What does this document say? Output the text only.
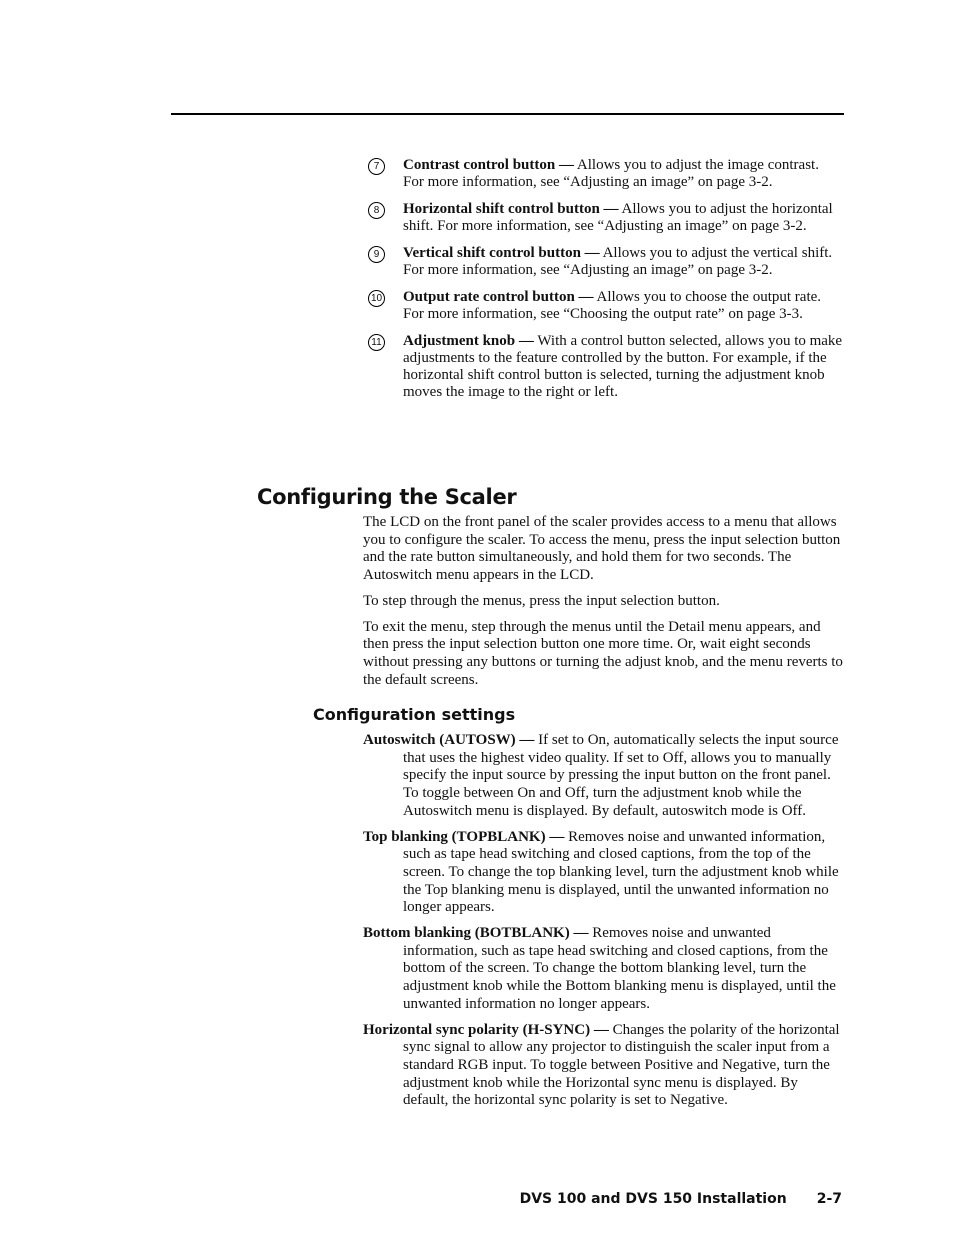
7	Contrast control button — Allows you to adjust the image contrast. For more information, see “Adjusting an image” on page 3-2.
8	Horizontal shift control button — Allows you to adjust the horizontal shift. For more information, see “Adjusting an image” on page 3-2.
9	Vertical shift control button — Allows you to adjust the vertical shift. For more information, see “Adjusting an image” on page 3-2.
10 Output rate control button — Allows you to choose the output rate. For more information, see “Choosing the output rate” on page 3-3.
11 Adjustment knob — With a control button selected, allows you to make adjustments to the feature controlled by the button. For example, if the horizontal shift control button is selected, turning the adjustment knob moves the image to the right or left.
Configuring the Scaler

The LCD on the front panel of the scaler provides access to a menu that allows you to configure the scaler. To access the menu, press the input selection button and the rate button simultaneously, and hold them for two seconds. The Autoswitch menu appears in the LCD.

To step through the menus, press the input selection button.

To exit the menu, step through the menus until the Detail menu appears, and then press the input selection button one more time. Or, wait eight seconds without pressing any buttons or turning the adjust knob, and the menu reverts to the default screens.

Configuration settings

Autoswitch (AUTOSW) — If set to On, automatically selects the input source that uses the highest video quality. If set to Off, allows you to manually specify the input source by pressing the input button on the front panel. To toggle between On and Off, turn the adjustment knob while the Autoswitch menu is displayed. By default, autoswitch mode is Off.

Top blanking (TOPBLANK) — Removes noise and unwanted information, such as tape head switching and closed captions, from the top of the screen. To change the top blanking level, turn the adjustment knob while the Top blanking menu is displayed, until the unwanted information no longer appears.

Bottom blanking (BOTBLANK) — Removes noise and unwanted information, such as tape head switching and closed captions, from the bottom of the screen. To change the bottom blanking level, turn the adjustment knob while the Bottom blanking menu is displayed, until the unwanted information no longer appears.

Horizontal sync polarity (H-SYNC) — Changes the polarity of the horizontal sync signal to allow any projector to distinguish the scaler input from a standard RGB input. To toggle between Positive and Negative, turn the adjustment knob while the Horizontal sync menu is displayed. By default, the horizontal sync polarity is set to Negative.

DVS 100 and DVS 150 Installation 2-7
